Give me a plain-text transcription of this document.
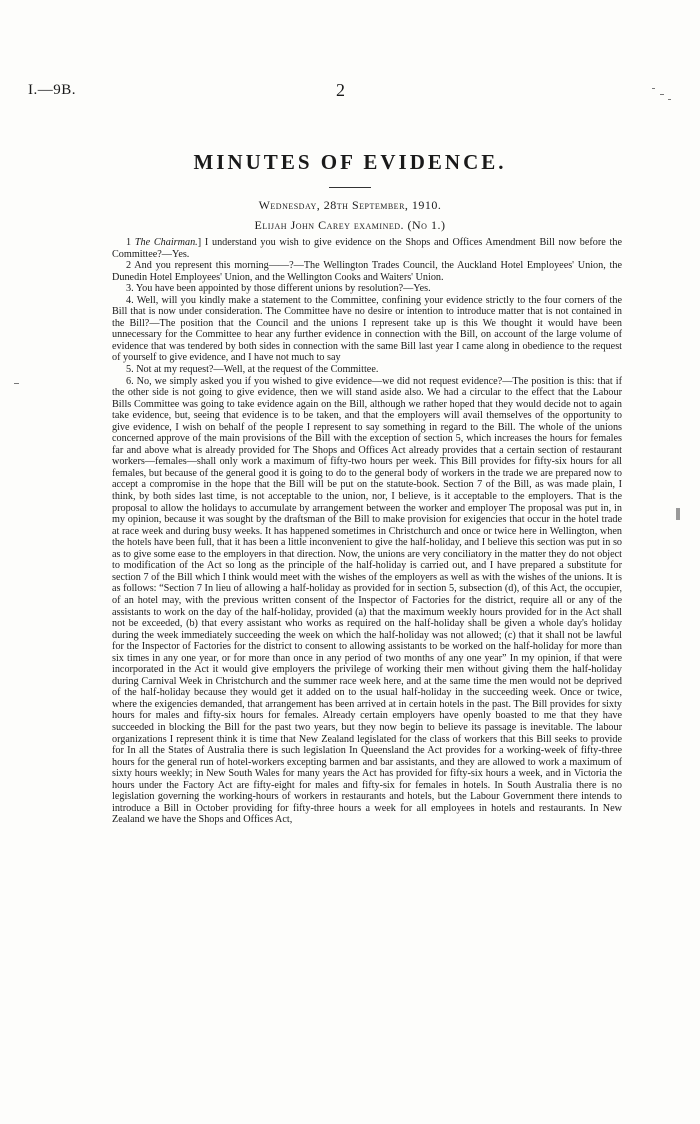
I.—9B.	2
MINUTES OF EVIDENCE.
Wednesday, 28th September, 1910.
Elijah John Carey examined. (No 1.)

1 The Chairman.] I understand you wish to give evidence on the Shops and Offices Amendment Bill now before the Committee?—Yes.

2 And you represent this morning——?—The Wellington Trades Council, the Auckland Hotel Employees' Union, the Dunedin Hotel Employees' Union, and the Wellington Cooks and Waiters' Union.

3. You have been appointed by those different unions by resolution?—Yes.

4. Well, will you kindly make a statement to the Committee, confining your evidence strictly to the four corners of the Bill that is now under consideration. The Committee have no desire or intention to introduce matter that is not contained in the Bill?—The position that the Council and the unions I represent take up is this We thought it would have been unnecessary for the Committee to hear any further evidence in connection with the Bill, on account of the large volume of evidence that was tendered by both sides in connection with the same Bill last year I came along in obedience to the request of yourself to give evidence, and I have not much to say

5. Not at my request?—Well, at the request of the Committee.

6. No, we simply asked you if you wished to give evidence—we did not request evidence?—The position is this: that if the other side is not going to give evidence, then we will stand aside also. We had a circular to the effect that the Labour Bills Committee was going to take evidence again on the Bill, although we rather hoped that they would decide not to again take evidence, but, seeing that evidence is to be taken, and that the employers will avail themselves of the opportunity to give evidence, I wish on behalf of the people I represent to say something in regard to the Bill. The whole of the unions concerned approve of the main provisions of the Bill with the exception of section 5, which increases the hours for females far and above what is already provided for The Shops and Offices Act already provides that a certain section of restaurant workers—females—shall only work a maximum of fifty-two hours per week. This Bill provides for fifty-six hours for all females, but because of the general good it is going to do to the general body of workers in the trade we are prepared now to accept a compromise in the hope that the Bill will be put on the statute-book. Section 7 of the Bill, as was made plain, I think, by both sides last time, is not acceptable to the union, nor, I believe, is it acceptable to the employers. That is the proposal to allow the holidays to accumulate by arrangement between the worker and employer The proposal was put in, in my opinion, because it was sought by the draftsman of the Bill to make provision for exigencies that occur in the hotel trade at race week and during busy weeks. It has happened sometimes in Christchurch and once or twice here in Wellington, when the hotels have been full, that it has been a little inconvenient to give the half-holiday, and I believe this section was put in so as to give some ease to the employers in that direction. Now, the unions are very conciliatory in the matter they do not object to modification of the Act so long as the principle of the half-holiday is carried out, and I have prepared a substitute for section 7 of the Bill which I think would meet with the wishes of the employers as well as with the wishes of the unions. It is as follows: “Section 7 In lieu of allowing a half-holiday as provided for in section 5, subsection (d), of this Act, the occupier, of an hotel may, with the previous written consent of the Inspector of Factories for the district, require all or any of the assistants to work on the day of the half-holiday, provided (a) that the maximum weekly hours provided for in the Act shall not be exceeded, (b) that every assistant who works as required on the half-holiday shall be given a whole day's holiday during the week immediately succeeding the week on which the half-holiday was not allowed; (c) that it shall not be lawful for the Inspector of Factories for the district to consent to allowing assistants to be worked on the half-holiday for more than six times in any one year, or for more than once in any period of two months of any one year” In my opinion, if that were incorporated in the Act it would give employers the privilege of working their men without giving them the half-holiday during Carnival Week in Christchurch and the summer race week here, and at the same time the men would not be deprived of the half-holiday because they would get it added on to the usual half-holiday in the succeeding week. Once or twice, where the exigencies demanded, that arrangement has been arrived at in certain hotels in the past. The Bill provides for sixty hours for males and fifty-six hours for females. Already certain employers have openly boasted to me that they have succeeded in blocking the Bill for the past two years, but they now begin to believe its passage is inevitable. The labour organizations I represent think it is time that New Zealand legislated for the class of workers that this Bill seeks to provide for In all the States of Australia there is such legislation In Queensland the Act provides for a working-week of fifty-three hours for the general run of hotel-workers excepting barmen and bar assistants, and they are allowed to work a maximum of sixty hours weekly; in New South Wales for many years the Act has provided for fifty-six hours a week, and in Victoria the hours under the Factory Act are fifty-eight for males and fifty-six for females in hotels. In South Australia there is no legislation governing the working-hours of workers in restaurants and hotels, but the Labour Government there intends to introduce a Bill in October providing for fifty-three hours a week for all employees in hotels and restaurants. In New Zealand we have the Shops and Offices Act,
